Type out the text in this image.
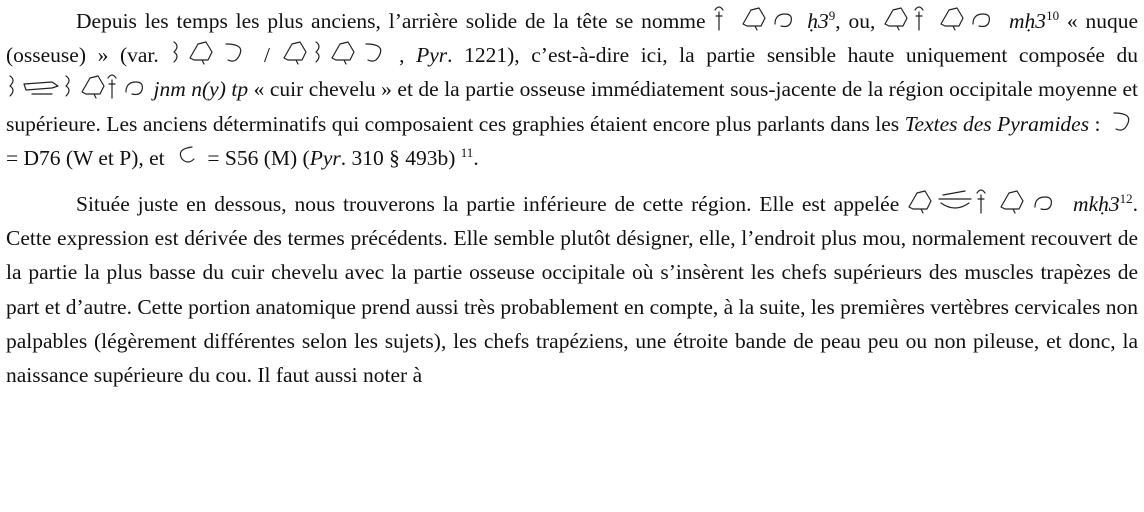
Depuis les temps les plus anciens, l’arrière solide de la tête se nomme	$ḥ3^9$, ou,	$mḥ3^{10}$ « nuque (osseuse) » (var.	/	, Pyr. 1221), c’est-à-dire ici, la partie sensible haute uniquement composée du
jnm n(y) tp « cuir chevelu » et de la partie osseuse immédiatement sous-jacente de la région occipitale moyenne et supérieure. Les anciens déterminatifs qui composaient ces graphies étaient encore plus parlants dans les Textes des Pyramides :
= D76 (W et P), et
= S56 (M) (Pyr. 310 § 493b) $^{11}$.

Située juste en dessous, nous trouverons la partie inférieure de cette région. Elle est appelée	$mkḥ3^{12}$. Cette expression est dérivée des termes précédents. Elle semble plutôt désigner, elle, l’endroit plus mou, normalement recouvert de la partie la plus basse du cuir chevelu avec la partie osseuse occipitale où s’insèrent les chefs supérieurs des muscles trapèzes de part et d’autre. Cette portion anatomique prend aussi très probablement en compte, à la suite, les premières vertèbres cervicales non palpables (légèrement différentes selon les sujets), les chefs trapéziens, une étroite bande de peau peu ou non pileuse, et donc, la naissance supérieure du cou. Il faut aussi noter à
